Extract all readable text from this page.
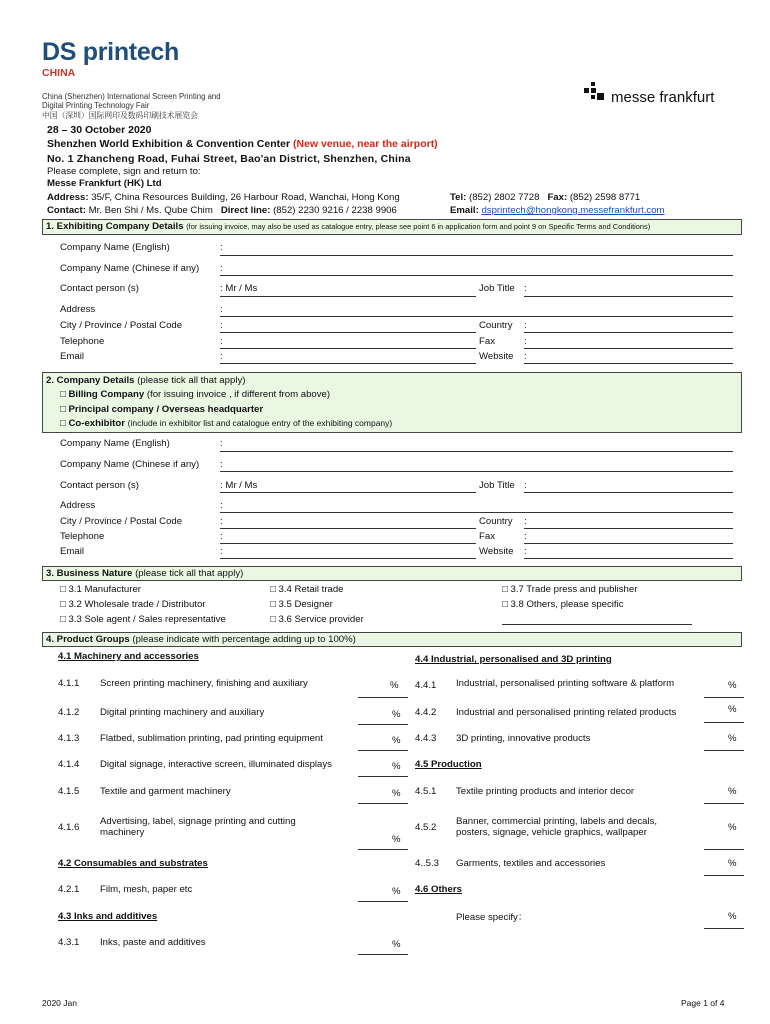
DS printech
CHINA
China (Shenzhen) International Screen Printing and
Digital Printing Technology Fair
中国（深圳）国际网印及数码印刷技术展览会
messe frankfurt
28 – 30 October 2020
Shenzhen World Exhibition & Convention Center (New venue, near the airport)
No. 1 Zhancheng Road, Fuhai Street, Bao'an District, Shenzhen, China
Please complete, sign and return to:
Messe Frankfurt (HK) Ltd
Address: 35/F, China Resources Building, 26 Harbour Road, Wanchai, Hong Kong	Tel: (852) 2802 7728 Fax: (852) 2598 8771
Contact: Mr. Ben Shi / Ms. Qube Chim Direct line: (852) 2230 9216 / 2238 9906	Email: dsprintech@hongkong.messefrankfurt.com
1. Exhibiting Company Details (for issuing invoice, may also be used as catalogue entry, please see point 6 in application form and point 9 on Specific Terms and Conditions)
Company Name (English)	:
Company Name (Chinese if any) :
Contact person (s)	: Mr / Ms	Job Title :
Address	:
City / Province / Postal Code	:	Country :
Telephone	:	Fax	:
Email	:	Website :
2. Company Details (please tick all that apply)
□ Billing Company (for issuing invoice , if different from above)
□ Principal company / Overseas headquarter
□ Co-exhibitor (include in exhibitor list and catalogue entry of the exhibiting company)
Company Name (English)	:
Company Name (Chinese if any) :
Contact person (s)	: Mr / Ms	Job Title :
Address	:
City / Province / Postal Code	:	Country :
Telephone	:	Fax	:
Email	:	Website :
3. Business Nature (please tick all that apply)
□ 3.1 Manufacturer
□ 3.2 Wholesale trade / Distributor
□ 3.3 Sole agent / Sales representative
□ 3.4 Retail trade
□ 3.5 Designer
□ 3.6 Service provider
□ 3.7 Trade press and publisher
□ 3.8 Others, please specific
4. Product Groups (please indicate with percentage adding up to 100%)
4.1 Machinery and accessories	4.4 Industrial, personalised and 3D printing
4.1.1 Screen printing machinery, finishing and auxiliary	%
4.1.2 Digital printing machinery and auxiliary	%
4.1.3 Flatbed, sublimation printing, pad printing equipment	%
4.1.4 Digital signage, interactive screen, illuminated displays	%
4.1.5 Textile and garment machinery	%
4.1.6
Advertising, label, signage printing and cutting
machinery
%
4.2 Consumables and substrates
4.2.1 Film, mesh, paper etc	%
4.3 Inks and additives
4.3.1 Inks, paste and additives	%
4.4.1 Industrial, personalised printing software & platform	%
4.4.2 Industrial and personalised printing related products	%
4.4.3 3D printing, innovative products	%
4.5 Production
4.5.1 Textile printing products and interior decor	%
4.5.2
Banner, commercial printing, labels and decals,
posters, signage, vehicle graphics, wallpaper	%
4..5.3 Garments, textiles and accessories	%
4.6 Others
Please specify：	%
2020 Jan	Page 1 of 4
